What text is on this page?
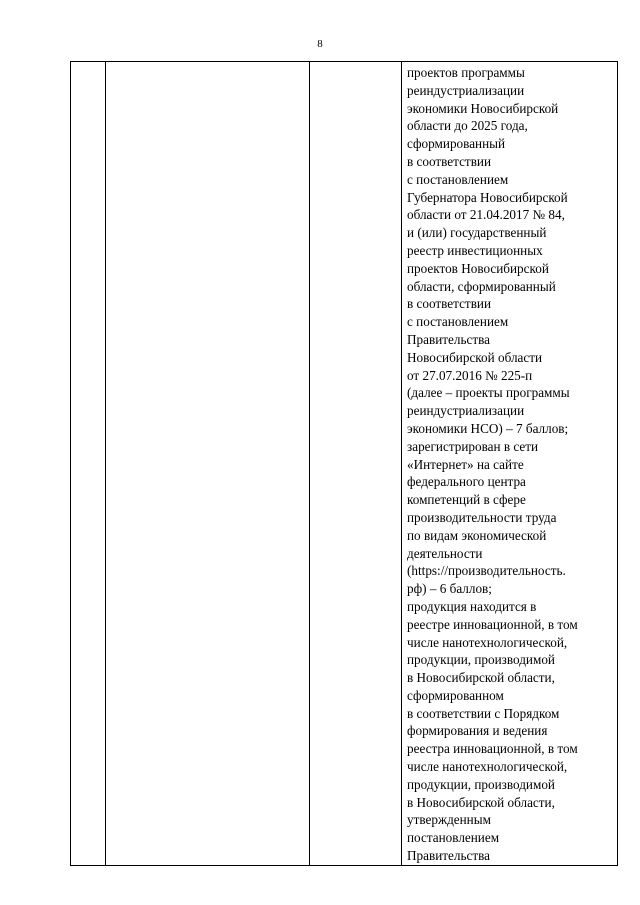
8

проектов программы
реиндустриализации
экономики Новосибирской
области до 2025 года,
сформированный
в соответствии
с постановлением
Губернатора Новосибирской
области от 21.04.2017 № 84,
и (или) государственный
реестр инвестиционных
проектов Новосибирской
области, сформированный
в соответствии
с постановлением
Правительства
Новосибирской области
от 27.07.2016 № 225-п
(далее – проекты программы
реиндустриализации
экономики НСО) – 7 баллов;
зарегистрирован в сети
«Интернет» на сайте
федерального центра
компетенций в сфере
производительности труда
по видам экономической
деятельности
(https://производительность.
рф) – 6 баллов;
продукция находится в
реестре инновационной, в том
числе нанотехнологической,
продукции, производимой
в Новосибирской области,
сформированном
в соответствии с Порядком
формирования и ведения
реестра инновационной, в том
числе нанотехнологической,
продукции, производимой
в Новосибирской области,
утвержденным
постановлением
Правительства
